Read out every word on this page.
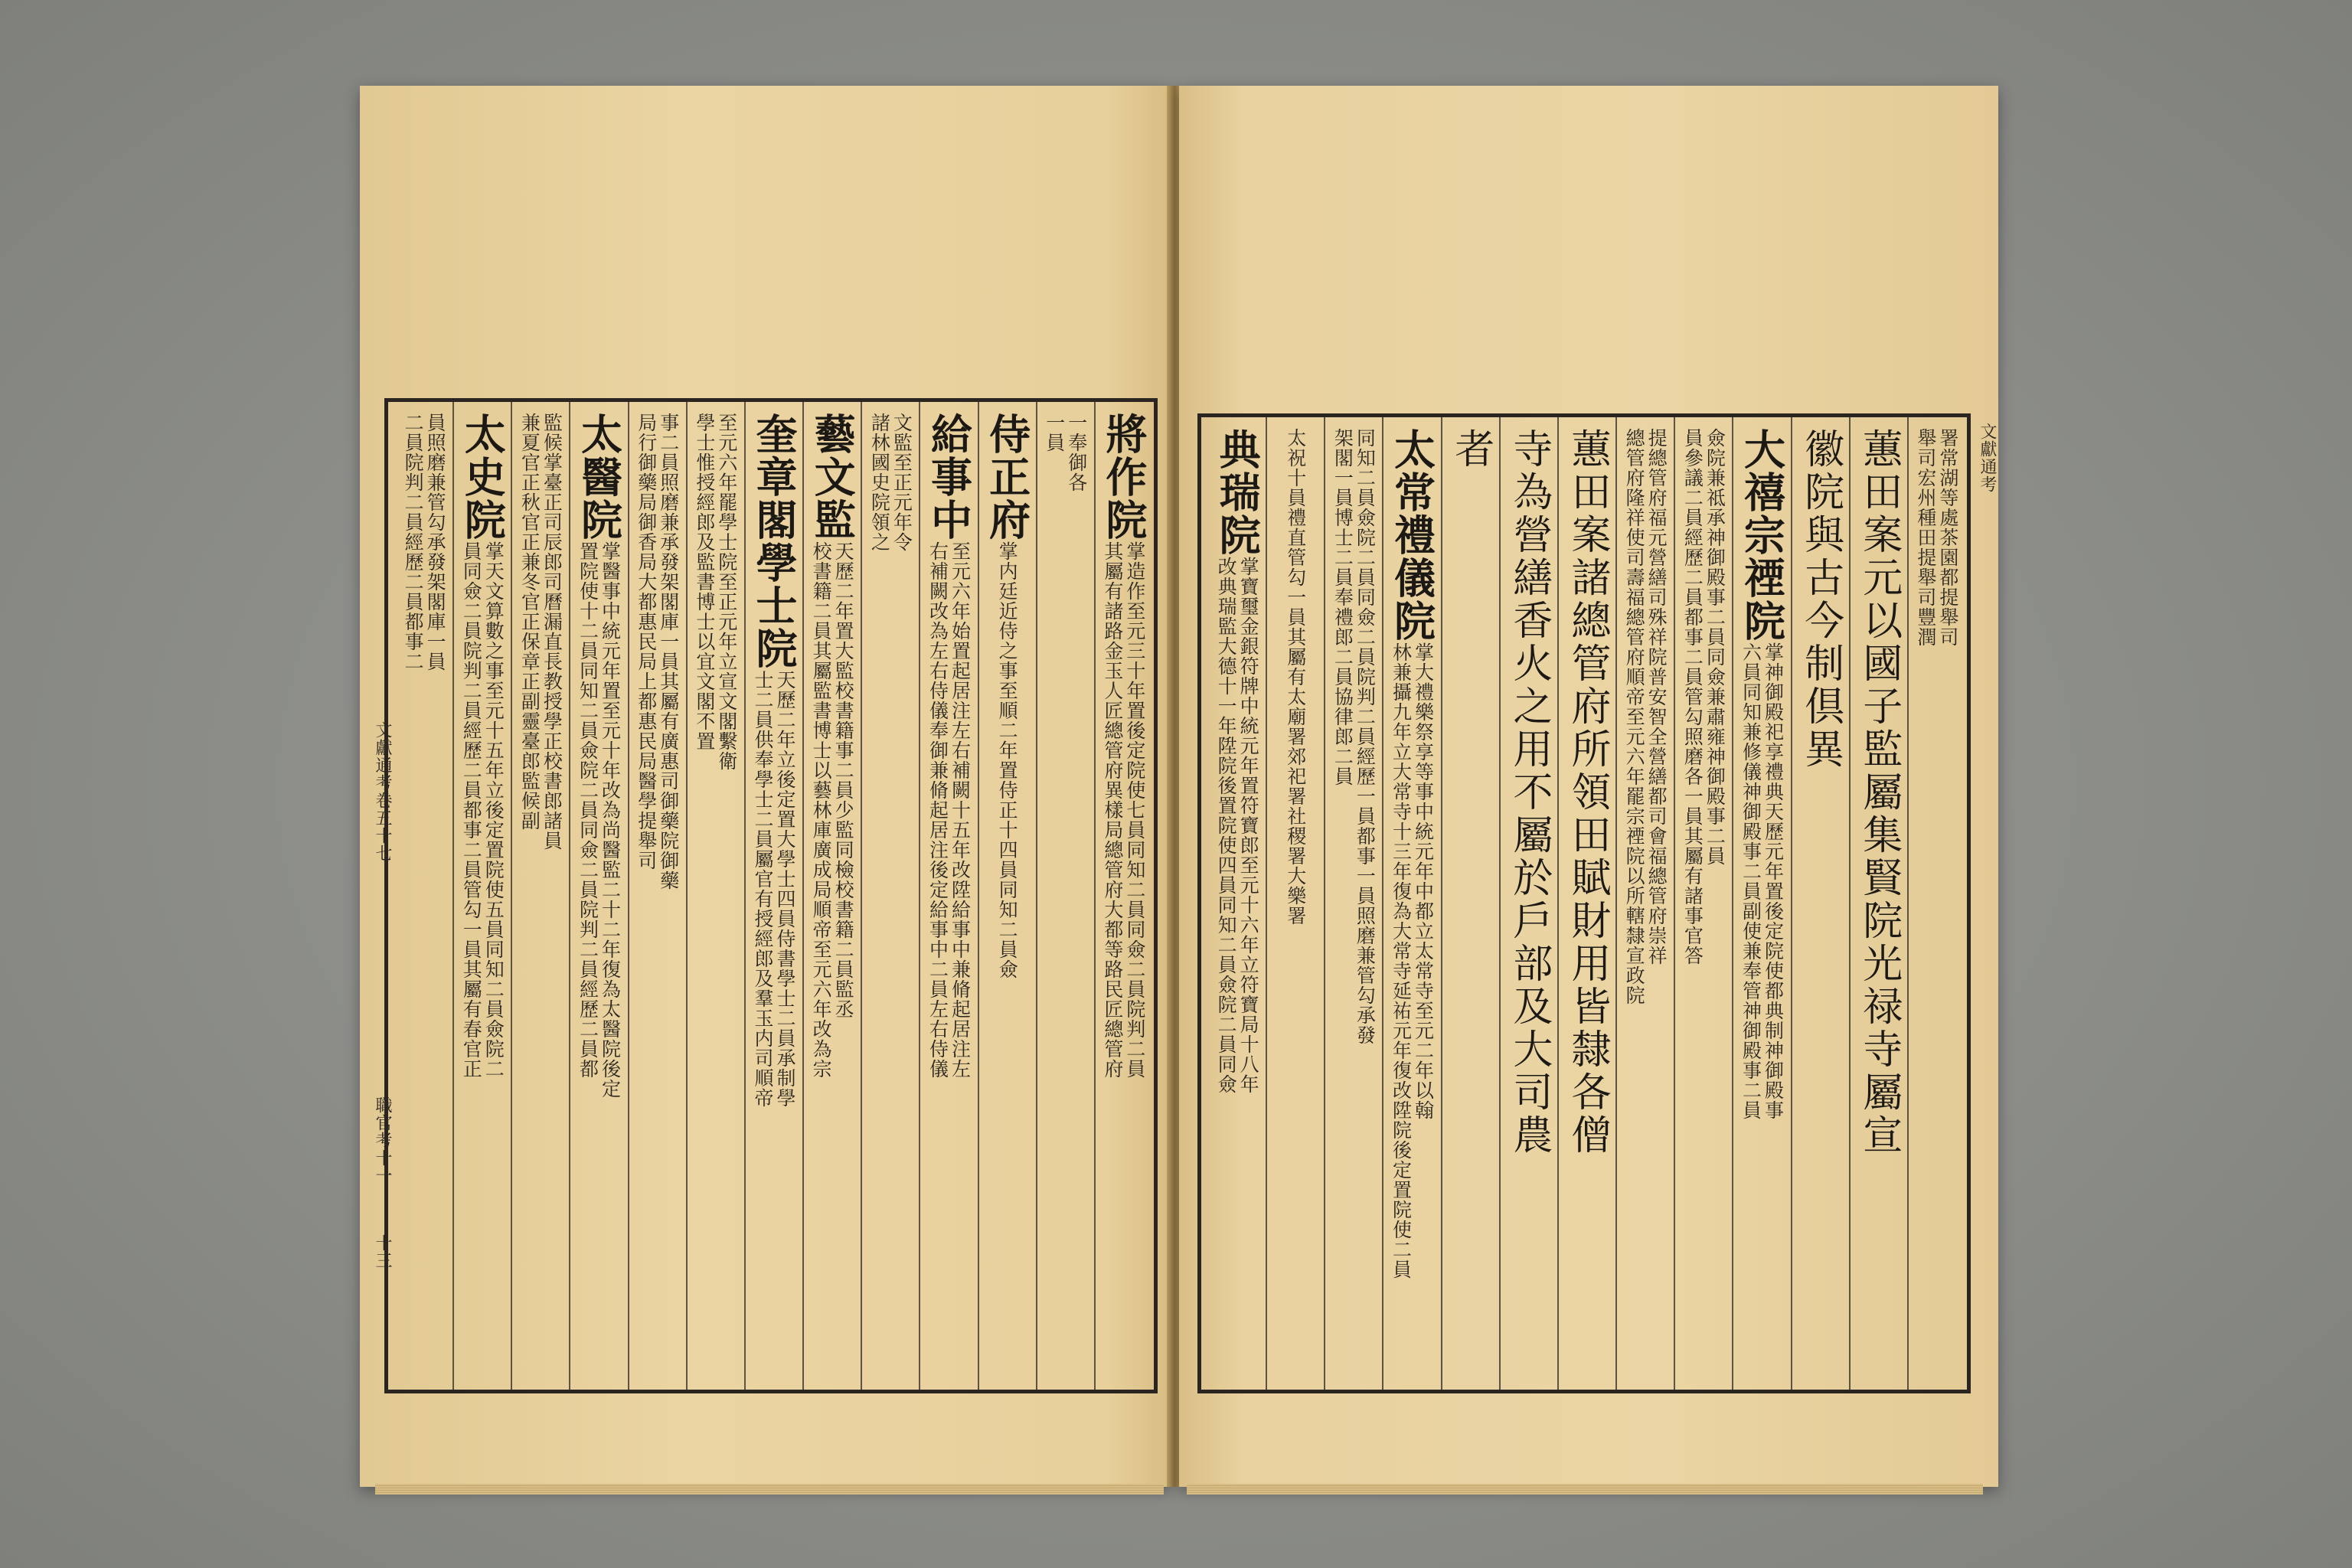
文獻通考卷五十七
職官考十一
十三
將作院
掌造作至元三十年置後定院使七員同知二員同僉二員院判二員
其屬有諸路金玉人匠總管府異樣局總管府大都等路民匠總管府
一奉御各
一員
侍正府
掌内廷近侍之事至順二年置侍正十四員同知二員僉
給事中
至元六年始置起居注左右補闕十五年改陞給事中兼脩起居注左
右補闕改為左右侍儀奉御兼脩起居注後定給事中二員左右侍儀
文監至正元年令
諸林國史院領之
藝文監
天歷二年置大監校書籍事二員少監同檢校書籍二員監丞
校書籍二員其屬監書博士以藝林庫廣成局順帝至元六年改為宗
奎章閣學士院
天歷二年立後定置大學士四員侍書學士二員承制學
士二員供奉學士二員屬官有授經郎及羣玉内司順帝
至元六年罷學士院至正元年立宣文閣繫衛
學士惟授經郎及監書博士以宜文閣不置
事二員照磨兼承發架閣庫一員其屬有廣惠司御藥院御藥
局行御藥局御香局大都惠民局上都惠民局醫學提舉司
太醫院
掌醫事中統元年置至元十年改為尚醫監二十二年復為太醫院後定
置院使十二員同知二員僉院二員同僉二員院判二員經歷二員都
監候掌臺正司辰郎司曆漏直長教授學正校書郎諸員
兼夏官正秋官正兼冬官正保章正副靈臺郎監候副
太史院
掌天文算數之事至元十五年立後定置院使五員同知二員僉院二
員同僉二員院判二員經歷二員都事二員管勾一員其屬有春官正
員照磨兼管勾承發架閣庫一員
二員院判二員經歷二員都事二	文獻通考
署常湖等處茶園都提舉司
舉司宏州種田提舉司豐潤
蕙田案元以國子監屬集賢院光禄寺屬宣
徽院與古今制倶異
大禧宗禋院
掌神御殿祀享禮典天歷元年置後定院使都典制神御殿事
六員同知兼修儀神御殿事二員副使兼奉管神御殿事二員
僉院兼祗承神御殿事二員同僉兼肅雍神御殿事二員
員參議二員經歷二員都事二員管勾照磨各一員其屬有諸事官答
提總管府福元營繕司殊祥院普安智全營繕都司會福總管府崇祥
總管府隆祥使司壽福總管府順帝至元六年罷宗禋院以所轄隸宣政院
蕙田案諸總管府所領田賦財用皆隸各僧
寺為營繕香火之用不屬於戶部及大司農
者
太常禮儀院
掌大禮樂祭享等事中統元年中都立太常寺至元二年以翰
林兼攝九年立大常寺十三年復為大常寺延祐元年復改陞院後定置院使二員
同知二員僉院二員同僉二員院判二員經歷一員都事一員照磨兼管勾承發
架閣一員博士二員奉禮郎二員協律郎二員
太祝十員禮直管勾一員其屬有太廟署郊祀署社稷署大樂署
典瑞院
掌寶璽金銀符牌中統元年置符寶郎至元十六年立符寶局十八年
改典瑞監大德十一年陞院後置院使四員同知二員僉院二員同僉
